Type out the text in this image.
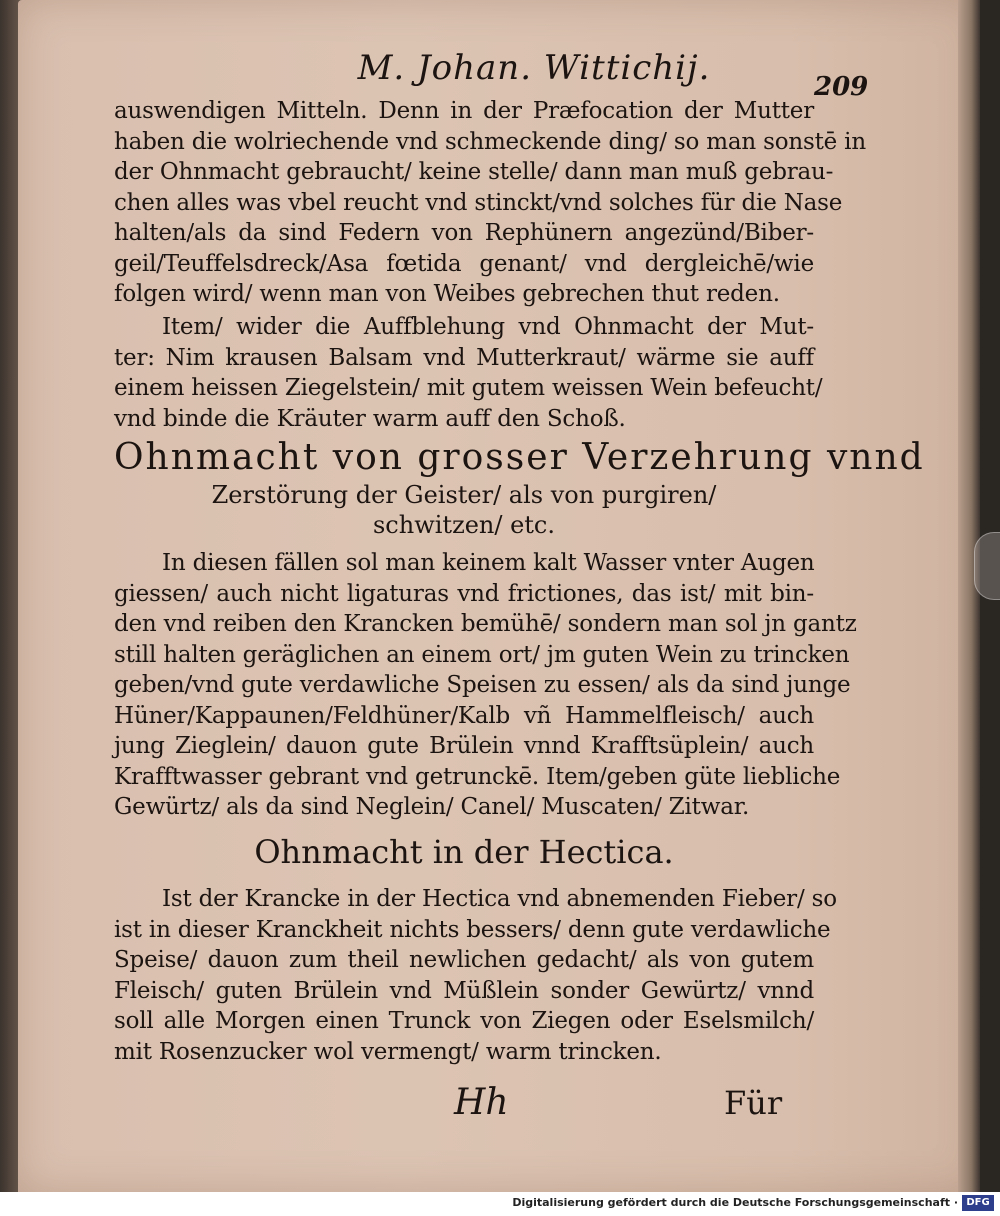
M. Johan. Wittichij.	209
auswendigen Mitteln. Denn in der Præfocation der Mutter
haben die wolriechende vnd schmeckende ding/ so man sonstē in
der Ohnmacht gebraucht/ keine stelle/ dann man muß gebrau-
chen alles was vbel reucht vnd stinckt/vnd solches für die Nase
halten/als da sind Federn von Rephünern angezünd/Biber-
geil/Teuffelsdreck/Asa fœtida genant/ vnd dergleichē/wie
folgen wird/ wenn man von Weibes gebrechen thut reden.
Item/ wider die Auffblehung vnd Ohnmacht der Mut-
ter: Nim krausen Balsam vnd Mutterkraut/ wärme sie auff
einem heissen Ziegelstein/ mit gutem weissen Wein befeucht/
vnd binde die Kräuter warm auff den Schoß.
Ohnmacht von grosser Verzehrung vnnd
Zerstörung der Geister/ als von purgiren/
schwitzen/ etc.
In diesen fällen sol man keinem kalt Wasser vnter Augen
giessen/ auch nicht ligaturas vnd frictiones, das ist/ mit bin-
den vnd reiben den Krancken bemühē/ sondern man sol jn gantz
still halten geräglichen an einem ort/ jm guten Wein zu trincken
geben/vnd gute verdawliche Speisen zu essen/ als da sind junge
Hüner/Kappaunen/Feldhüner/Kalb vñ Hammelfleisch/ auch
jung Zieglein/ dauon gute Brülein vnnd Krafftsüplein/ auch
Krafftwasser gebrant vnd getrunckē. Item/geben güte liebliche
Gewürtz/ als da sind Neglein/ Canel/ Muscaten/ Zitwar.
Ohnmacht in der Hectica.
Ist der Krancke in der Hectica vnd abnemenden Fieber/ so
ist in dieser Kranckheit nichts bessers/ denn gute verdawliche
Speise/ dauon zum theil newlichen gedacht/ als von gutem
Fleisch/ guten Brülein vnd Müßlein sonder Gewürtz/ vnnd
soll alle Morgen einen Trunck von Ziegen oder Eselsmilch/
mit Rosenzucker wol vermengt/ warm trincken.
Hh	Für
Digitalisierung gefördert durch die Deutsche Forschungsgemeinschaft · DFG
